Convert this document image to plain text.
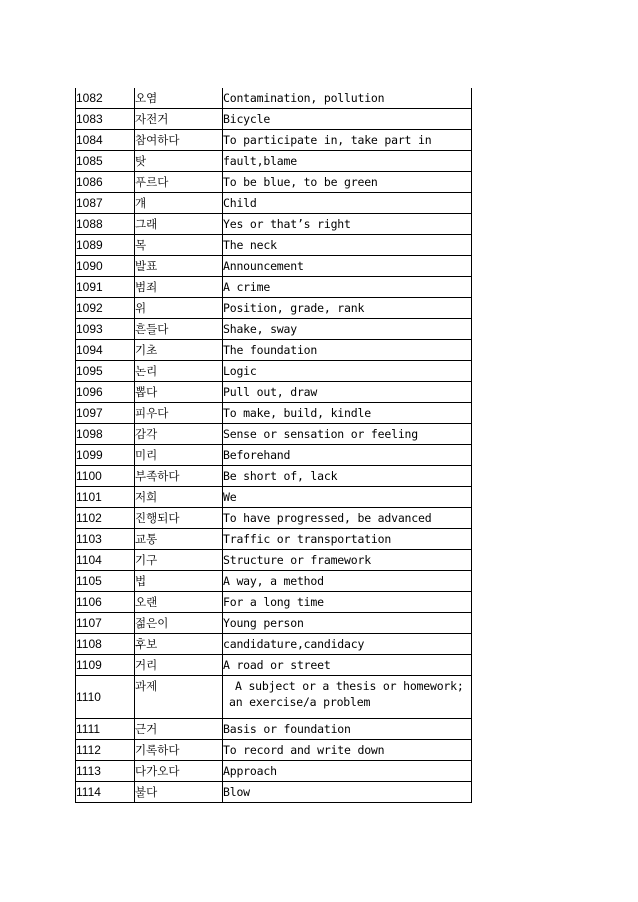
1082	오염	Contamination, pollution
1083	자전거	Bicycle
1084	참여하다	To participate in, take part in
1085	탓	fault,blame
1086	푸르다	To be blue, to be green
1087	걔	Child
1088	그래	Yes or that’s right
1089	목	The neck
1090	발표	Announcement
1091	범죄	A crime
1092	위	Position, grade, rank
1093	흔들다	Shake, sway
1094	기초	The foundation
1095	논리	Logic
1096	뽑다	Pull out, draw
1097	피우다	To make, build, kindle
1098	감각	Sense or sensation or feeling
1099	미리	Beforehand
1100	부족하다	Be short of, lack
1101	저희	We
1102	진행되다	To have progressed, be advanced
1103	교통	Traffic or transportation
1104	기구	Structure or framework
1105	법	A way, a method
1106	오랜	For a long time
1107	젊은이	Young person
1108	후보	candidature,candidacy
1109	거리	A road or street
1110	과제	A subject or a thesis or homework;
an exercise/a problem

1111	근거	Basis or foundation
1112	기록하다	To record and write down
1113	다가오다	Approach
1114	불다	Blow
